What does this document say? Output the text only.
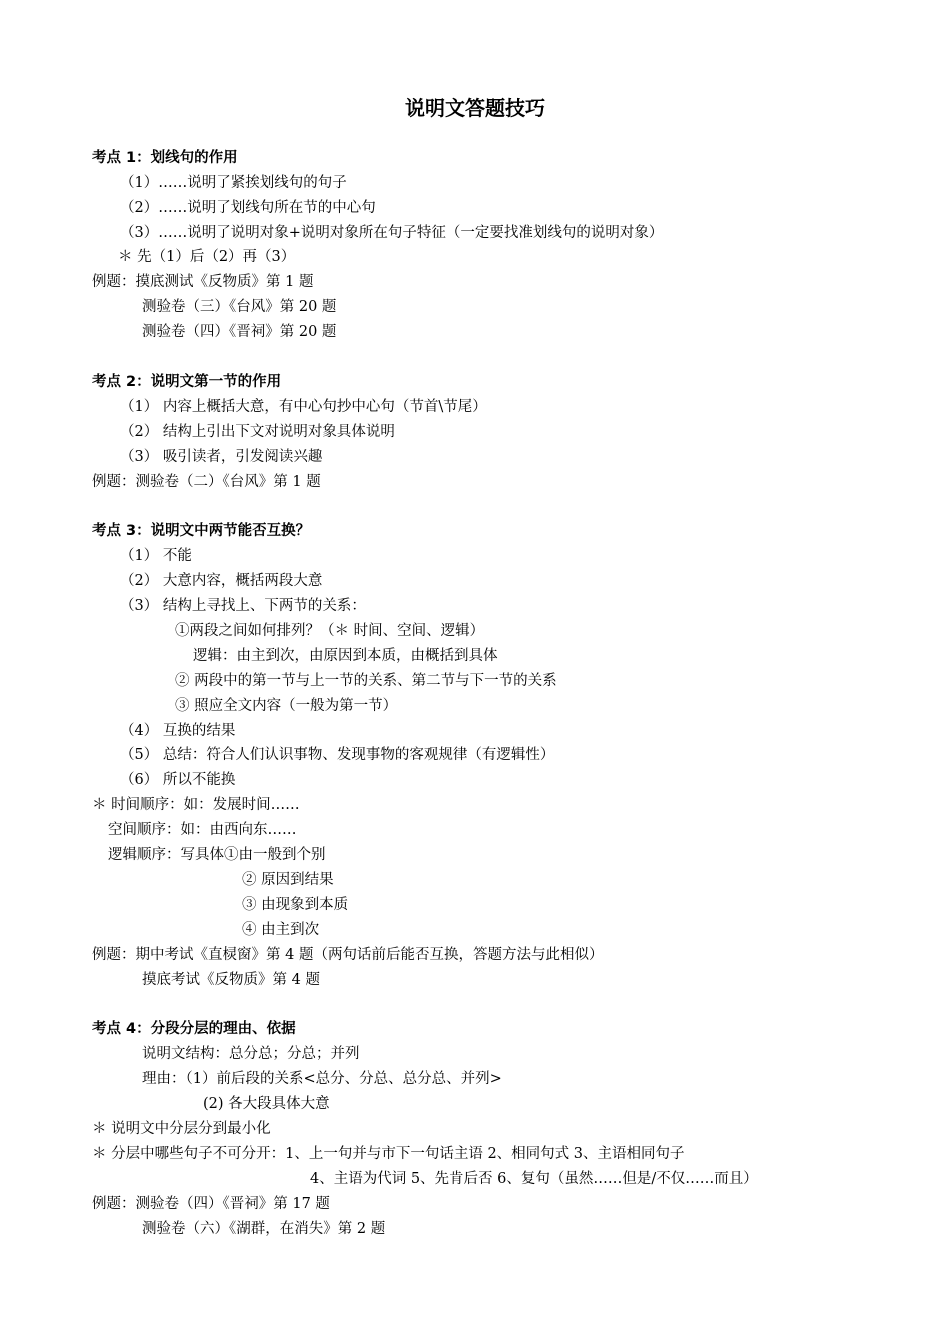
说明文答题技巧
考点 1：划线句的作用
（1）……说明了紧挨划线句的句子
（2）……说明了划线句所在节的中心句
（3）……说明了说明对象+说明对象所在句子特征（一定要找准划线句的说明对象）
＊ 先（1）后（2）再（3）
例题：摸底测试《反物质》第 1 题
测验卷（三）《台风》第 20 题
测验卷（四）《晋祠》第 20 题
考点 2：说明文第一节的作用
（1） 内容上概括大意，有中心句抄中心句（节首\节尾）
（2） 结构上引出下文对说明对象具体说明
（3） 吸引读者，引发阅读兴趣
例题：测验卷（二）《台风》第 1 题
考点 3：说明文中两节能否互换？
（1） 不能
（2） 大意内容，概括两段大意
（3） 结构上寻找上、下两节的关系：
①两段之间如何排列？（＊ 时间、空间、逻辑）
逻辑：由主到次，由原因到本质，由概括到具体
② 两段中的第一节与上一节的关系、第二节与下一节的关系
③ 照应全文内容（一般为第一节）
（4） 互换的结果
（5） 总结：符合人们认识事物、发现事物的客观规律（有逻辑性）
（6） 所以不能换
＊ 时间顺序：如：发展时间……
空间顺序：如：由西向东……
逻辑顺序：写具体①由一般到个别
② 原因到结果
③ 由现象到本质
④ 由主到次
例题：期中考试《直棂窗》第 4 题（两句话前后能否互换，答题方法与此相似）
摸底考试《反物质》第 4 题
考点 4：分段分层的理由、依据
说明文结构：总分总；分总；并列
理由：（1）前后段的关系<总分、分总、总分总、并列>
(2) 各大段具体大意
＊ 说明文中分层分到最小化
＊ 分层中哪些句子不可分开：1、上一句并与市下一句话主语 2、相同句式 3、主语相同句子
4、主语为代词 5、先肯后否 6、复句（虽然……但是/不仅……而且）
例题：测验卷（四）《晋祠》第 17 题
测验卷（六）《湖群，在消失》第 2 题
